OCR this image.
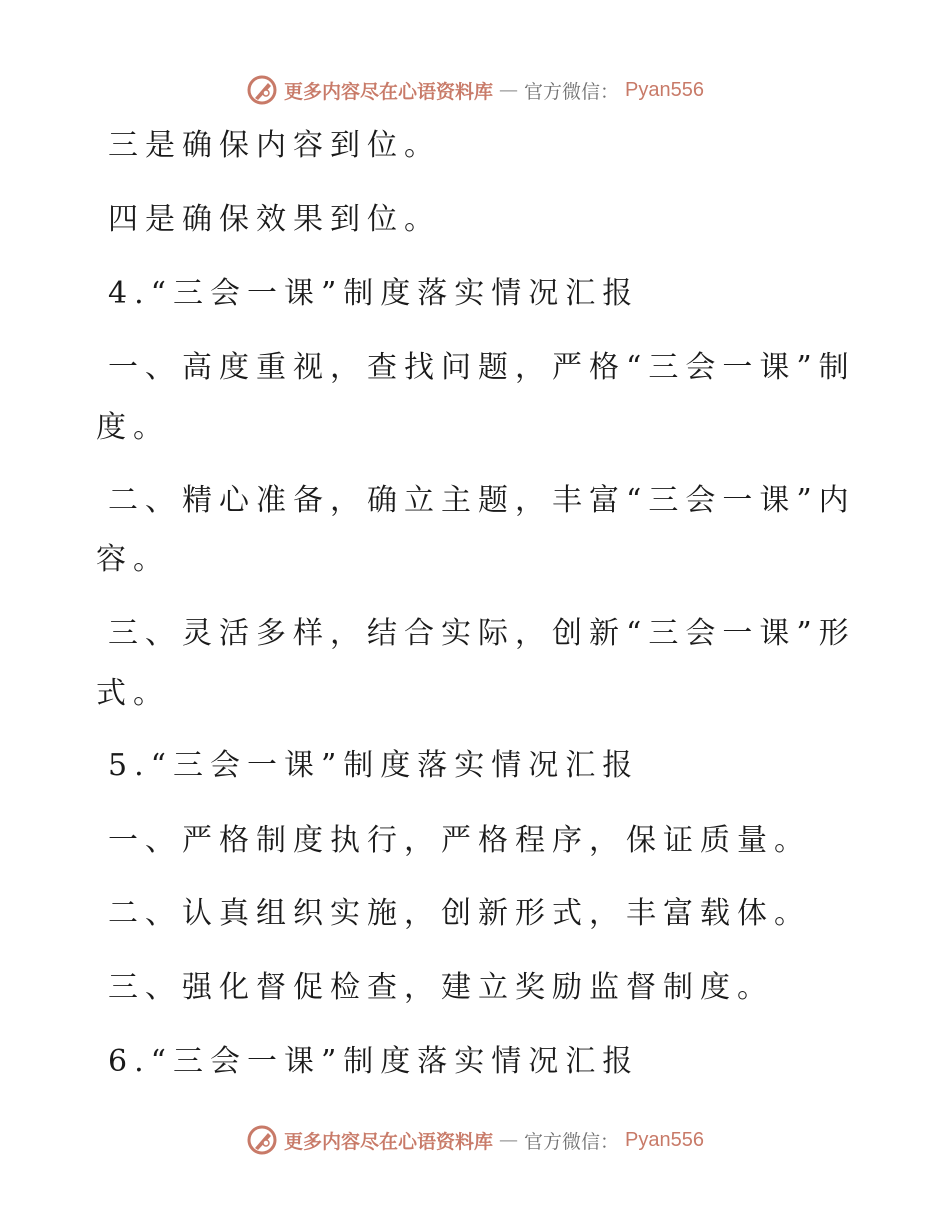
更多内容尽在心语资料库 — 官方微信： Pyan556
三是确保内容到位。
四是确保效果到位。
4.“三会一课”制度落实情况汇报
一、高度重视，查找问题，严格“三会一课”制
度。
二、精心准备，确立主题，丰富“三会一课”内
容。
三、灵活多样，结合实际，创新“三会一课”形
式。
5.“三会一课”制度落实情况汇报
一、严格制度执行，严格程序，保证质量。
二、认真组织实施，创新形式，丰富载体。
三、强化督促检查，建立奖励监督制度。
6.“三会一课”制度落实情况汇报
更多内容尽在心语资料库 — 官方微信： Pyan556
